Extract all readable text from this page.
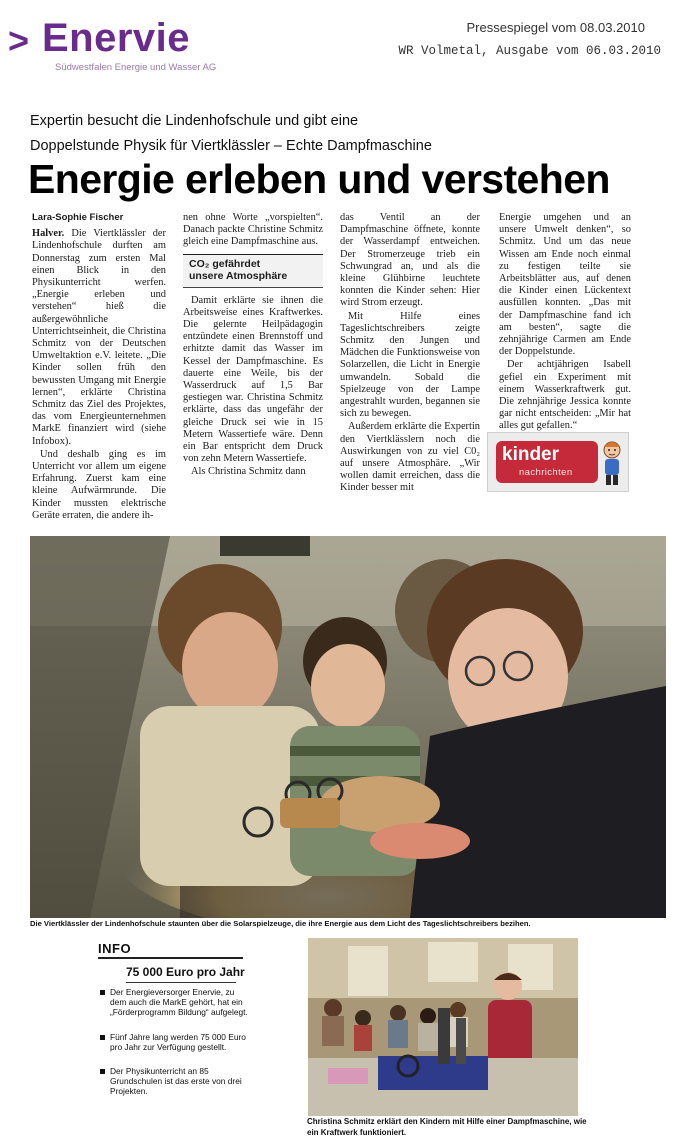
> Enervie
Südwestfalen Energie und Wasser AG
Pressespiegel vom 08.03.2010
WR Volmetal, Ausgabe vom 06.03.2010
Expertin besucht die Lindenhofschule und gibt eine
Doppelstunde Physik für Viertklässler – Echte Dampfmaschine
Energie erleben und verstehen
Lara-Sophie Fischer

Halver. Die Viertklässler der Lindenhofschule durften am Donnerstag zum ersten Mal einen Blick in den Physikunterricht werfen. „Energie erleben und verstehen“ hieß die außergewöhnliche Unterrichtseinheit, die Christina Schmitz von der Deutschen Umweltaktion e.V. leitete. „Die Kinder sollen früh den bewussten Umgang mit Energie lernen“, erklärte Christina Schmitz das Ziel des Projektes, das vom Energieunternehmen MarkE finanziert wird (siehe Infobox).

Und deshalb ging es im Unterricht vor allem um eigene Erfahrung. Zuerst kam eine kleine Aufwärmrunde. Die Kinder mussten elektrische Geräte erraten, die andere ih-

nen ohne Worte „vorspielten“. Danach packte Christine Schmitz gleich eine Dampfmaschine aus.

CO₂ gefährdet
unsere Atmosphäre

Damit erklärte sie ihnen die Arbeitsweise eines Kraftwerkes. Die gelernte Heilpädagogin entzündete einen Brennstoff und erhitzte damit das Wasser im Kessel der Dampfmaschine. Es dauerte eine Weile, bis der Wasserdruck auf 1,5 Bar gestiegen war. Christina Schmitz erklärte, dass das ungefähr der gleiche Druck sei wie in 15 Metern Wassertiefe wäre. Denn ein Bar entspricht dem Druck von zehn Metern Wassertiefe.

Als Christina Schmitz dann

das Ventil an der Dampfmaschine öffnete, konnte der Wasserdampf entweichen. Der Stromerzeuge trieb ein Schwungrad an, und als die kleine Glühbirne leuchtete konnten die Kinder sehen: Hier wird Strom erzeugt.

Mit Hilfe eines Tageslichtschreibers zeigte Schmitz den Jungen und Mädchen die Funktionsweise von Solarzellen, die Licht in Energie umwandeln. Sobald die Spielzeuge von der Lampe angestrahlt wurden, begannen sie sich zu bewegen.

Außerdem erklärte die Expertin den Viertklässlern noch die Auswirkungen von zu viel C0₂ auf unsere Atmosphäre. „Wir wollen damit erreichen, dass die Kinder besser mit

Energie umgehen und an unsere Umwelt denken“, so Schmitz. Und um das neue Wissen am Ende noch einmal zu festigen teilte sie Arbeitsblätter aus, auf denen die Kinder einen Lückentext ausfüllen konnten. „Das mit der Dampfmaschine fand ich am besten“, sagte die zehnjährige Carmen am Ende der Doppelstunde.

Der achtjährigen Isabell gefiel ein Experiment mit einem Wasserkraftwerk gut. Die zehnjährige Jessica konnte gar nicht entscheiden: „Mir hat alles gut gefallen.“

kinder
nachrichten
Die Viertklässler der Lindenhofschule staunten über die Solarspielzeuge, die ihre Energie aus dem Licht des Tageslichtschreibers bezihen.
INFO
75 000 Euro pro Jahr
Der Energieversorger Enervie, zu dem auch die MarkE gehört, hat ein „Förderprogramm Bildung“ aufgelegt.
Fünf Jahre lang werden 75 000 Euro pro Jahr zur Verfügung gestellt.
Der Physikunterricht an 85 Grundschulen ist das erste von drei Projekten.
Christina Schmitz erklärt den Kindern mit Hilfe einer Dampfmaschine, wie ein Kraftwerk funktioniert.
